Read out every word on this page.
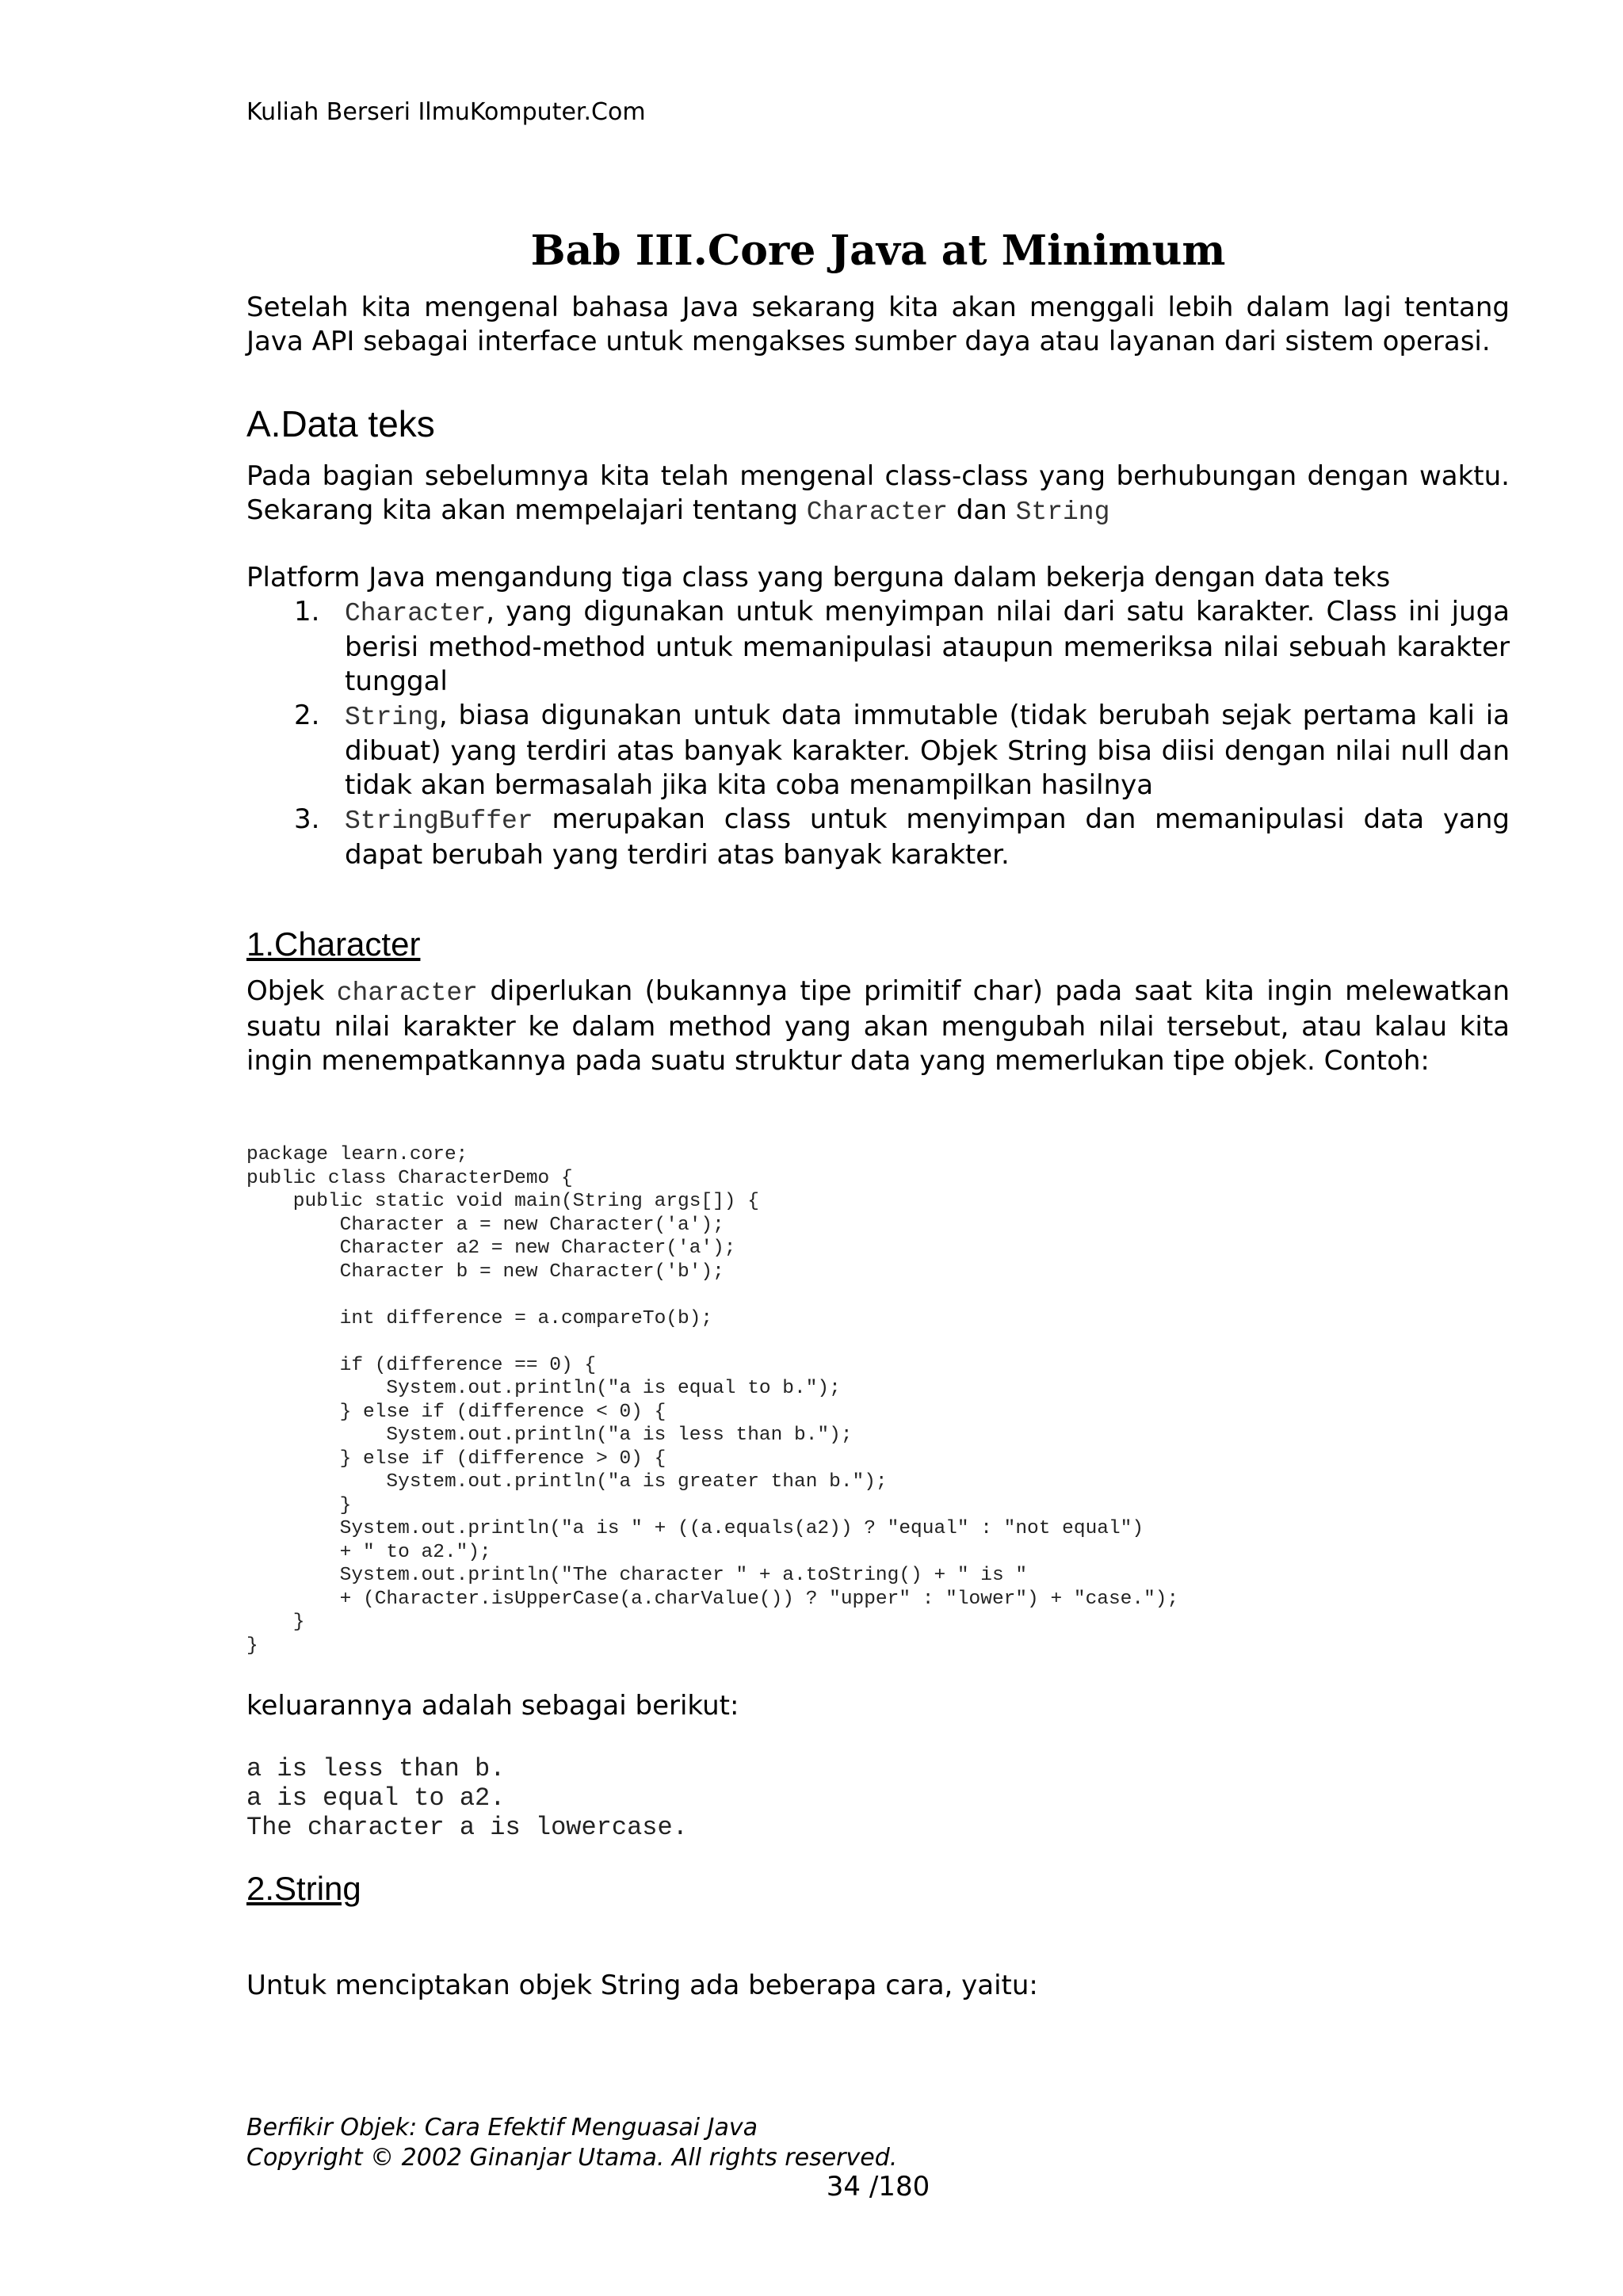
Kuliah Berseri IlmuKomputer.Com
Bab III.Core Java at Minimum
Setelah kita mengenal bahasa Java sekarang kita akan menggali lebih dalam lagi tentang Java API sebagai interface untuk mengakses sumber daya atau layanan dari sistem operasi.
A.Data teks
Pada bagian sebelumnya kita telah mengenal class-class yang berhubungan dengan waktu. Sekarang kita akan mempelajari tentang Character dan String
Platform Java mengandung tiga class yang berguna dalam bekerja dengan data teks

1. Character, yang digunakan untuk menyimpan nilai dari satu karakter. Class ini juga berisi method-method untuk memanipulasi ataupun memeriksa nilai sebuah karakter tunggal

2. String, biasa digunakan untuk data immutable (tidak berubah sejak pertama kali ia dibuat) yang terdiri atas banyak karakter. Objek String bisa diisi dengan nilai null dan tidak akan bermasalah jika kita coba menampilkan hasilnya

3. StringBuffer merupakan class untuk menyimpan dan memanipulasi data yang dapat berubah yang terdiri atas banyak karakter.

1.Character
Objek character diperlukan (bukannya tipe primitif char) pada saat kita ingin melewatkan suatu nilai karakter ke dalam method yang akan mengubah nilai tersebut, atau kalau kita ingin menempatkannya pada suatu struktur data yang memerlukan tipe objek. Contoh:
package learn.core;
public class CharacterDemo {
public static void main(String args[]) {
Character a = new Character('a');
Character a2 = new Character('a');
Character b = new Character('b');

int difference = a.compareTo(b);

if (difference == 0) {
System.out.println("a is equal to b.");
} else if (difference < 0) {
System.out.println("a is less than b.");
} else if (difference > 0) {
System.out.println("a is greater than b.");
}
System.out.println("a is " + ((a.equals(a2)) ? "equal" : "not equal")
+ " to a2.");
System.out.println("The character " + a.toString() + " is "
+ (Character.isUpperCase(a.charValue()) ? "upper" : "lower") + "case.");
}
}
keluarannya adalah sebagai berikut:
a is less than b.
a is equal to a2.
The character a is lowercase.
2.String
Untuk menciptakan objek String ada beberapa cara, yaitu:
Berfikir Objek: Cara Efektif Menguasai Java
Copyright © 2002 Ginanjar Utama. All rights reserved.
34 /180
